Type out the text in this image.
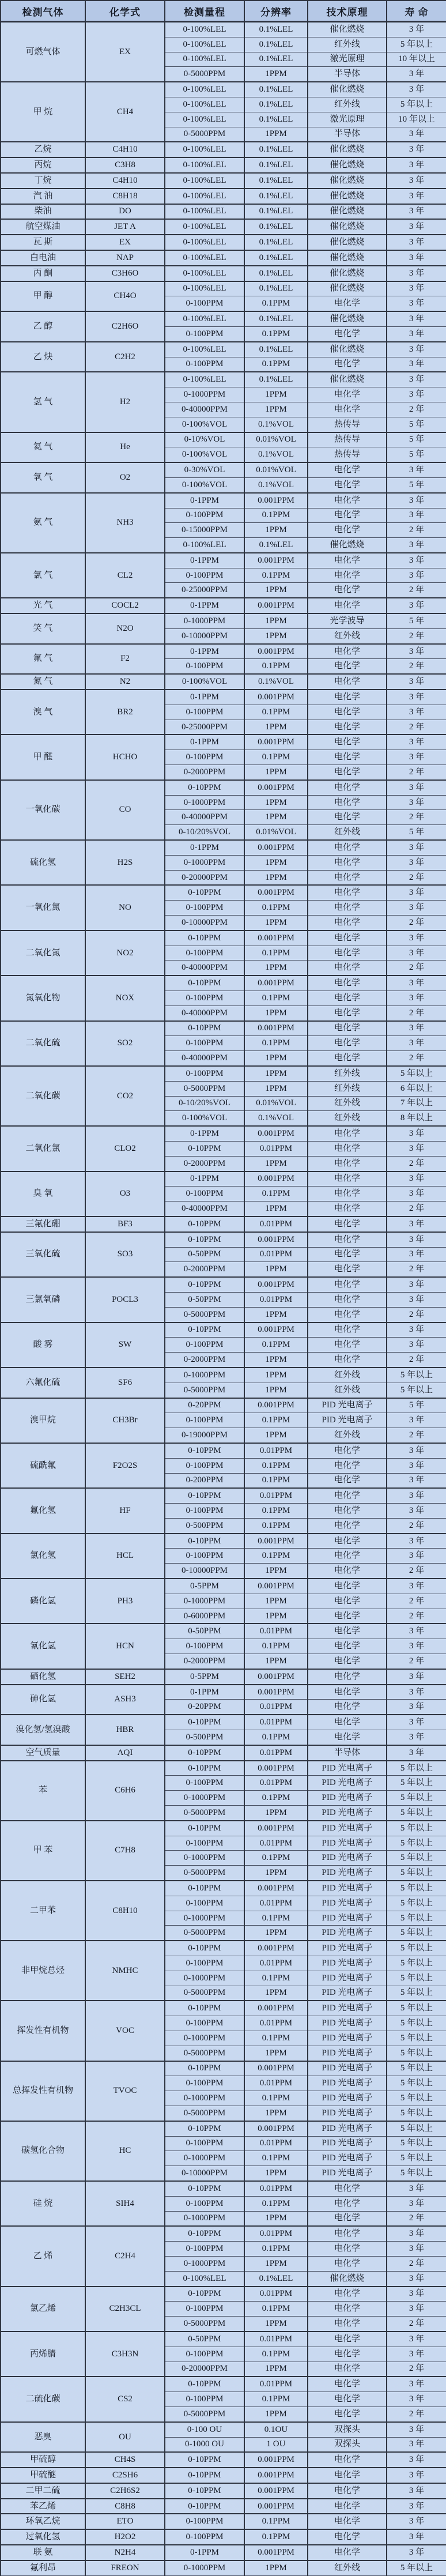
检测气体	化学式	检测量程	分辨率	技术原理	寿 命
可燃气体	EX	0-100%LEL	0.1%LEL	催化燃烧	3 年
		0-100%LEL	0.1%LEL	红外线	5 年以上
		0-100%LEL	0.1%LEL	激光原理	10 年以上
		0-5000PPM	1PPM	半导体	3 年
甲 烷	CH4	0-100%LEL	0.1%LEL	催化燃烧	3 年
		0-100%LEL	0.1%LEL	红外线	5 年以上
		0-100%LEL	0.1%LEL	激光原理	10 年以上
		0-5000PPM	1PPM	半导体	3 年
乙烷	C4H10	0-100%LEL	0.1%LEL	催化燃烧	3 年
丙烷	C3H8	0-100%LEL	0.1%LEL	催化燃烧	3 年
丁烷	C4H10	0-100%LEL	0.1%LEL	催化燃烧	3 年
汽 油	C8H18	0-100%LEL	0.1%LEL	催化燃烧	3 年
柴油	DO	0-100%LEL	0.1%LEL	催化燃烧	3 年
航空煤油	JET A	0-100%LEL	0.1%LEL	催化燃烧	3 年
瓦 斯	EX	0-100%LEL	0.1%LEL	催化燃烧	3 年
白电油	NAP	0-100%LEL	0.1%LEL	催化燃烧	3 年
丙 酮	C3H6O	0-100%LEL	0.1%LEL	催化燃烧	3 年
甲 醇	CH4O	0-100%LEL	0.1%LEL	催化燃烧	3 年
		0-100PPM	0.1PPM	电化学	3 年
乙 醇	C2H6O	0-100%LEL	0.1%LEL	催化燃烧	3 年
		0-100PPM	0.1PPM	电化学	3 年
乙 炔	C2H2	0-100%LEL	0.1%LEL	催化燃烧	3 年
		0-100PPM	0.1PPM	电化学	3 年
氢 气	H2	0-100%LEL	0.1%LEL	催化燃烧	3 年
		0-1000PPM	1PPM	电化学	3 年
		0-40000PPM	1PPM	电化学	2 年
		0-100%VOL	0.1%VOL	热传导	5 年
氦 气	He	0-10%VOL	0.01%VOL	热传导	5 年
		0-100%VOL	0.1%VOL	热传导	5 年
氧 气	O2	0-30%VOL	0.01%VOL	电化学	3 年
		0-100%VOL	0.1%VOL	电化学	5 年
氨 气	NH3	0-1PPM	0.001PPM	电化学	3 年
		0-100PPM	0.1PPM	电化学	3 年
		0-15000PPM	1PPM	电化学	2 年
		0-100%LEL	0.1%LEL	催化燃烧	3 年
氯 气	CL2	0-1PPM	0.001PPM	电化学	3 年
		0-100PPM	0.1PPM	电化学	3 年
		0-25000PPM	1PPM	电化学	2 年
光 气	COCL2	0-1PPM	0.001PPM	电化学	3 年
笑 气	N2O	0-1000PPM	1PPM	光学波导	5 年
		0-10000PPM	1PPM	红外线	2 年
氟 气	F2	0-1PPM	0.001PPM	电化学	3 年
		0-100PPM	0.1PPM	电化学	2 年
氮 气	N2	0-100%VOL	0.1%VOL	电化学	3 年
溴 气	BR2	0-1PPM	0.001PPM	电化学	3 年
		0-100PPM	0.1PPM	电化学	3 年
		0-25000PPM	1PPM	电化学	2 年
甲 醛	HCHO	0-1PPM	0.001PPM	电化学	3 年
		0-100PPM	0.1PPM	电化学	3 年
		0-2000PPM	1PPM	电化学	2 年
一氧化碳	CO	0-10PPM	0.001PPM	电化学	3 年
		0-1000PPM	1PPM	电化学	3 年
		0-40000PPM	1PPM	电化学	2 年
		0-10/20%VOL	0.01%VOL	红外线	5 年
硫化氢	H2S	0-1PPM	0.001PPM	电化学	3 年
		0-1000PPM	1PPM	电化学	3 年
		0-20000PPM	1PPM	电化学	2 年
一氧化氮	NO	0-10PPM	0.001PPM	电化学	3 年
		0-100PPM	0.1PPM	电化学	3 年
		0-10000PPM	1PPM	电化学	2 年
二氧化氮	NO2	0-10PPM	0.001PPM	电化学	3 年
		0-100PPM	0.1PPM	电化学	3 年
		0-40000PPM	1PPM	电化学	2 年
氮氧化物	NOX	0-10PPM	0.001PPM	电化学	3 年
		0-100PPM	0.1PPM	电化学	3 年
		0-40000PPM	1PPM	电化学	2 年
二氧化硫	SO2	0-10PPM	0.001PPM	电化学	3 年
		0-100PPM	0.1PPM	电化学	3 年
		0-40000PPM	1PPM	电化学	2 年
二氧化碳	CO2	0-100PPM	1PPM	红外线	5 年以上
		0-5000PPM	1PPM	红外线	6 年以上
		0-10/20%VOL	0.01%VOL	红外线	7 年以上
		0-100%VOL	0.1%VOL	红外线	8 年以上
二氧化氯	CLO2	0-1PPM	0.001PPM	电化学	3 年
		0-10PPM	0.01PPM	电化学	3 年
		0-2000PPM	1PPM	电化学	2 年
臭 氧	O3	0-1PPM	0.001PPM	电化学	3 年
		0-100PPM	0.1PPM	电化学	3 年
		0-40000PPM	1PPM	电化学	2 年
三氟化硼	BF3	0-10PPM	0.01PPM	电化学	3 年
三氧化硫	SO3	0-10PPM	0.001PPM	电化学	3 年
		0-50PPM	0.01PPM	电化学	3 年
		0-2000PPM	1PPM	电化学	2 年
三氯氧磷	POCL3	0-10PPM	0.001PPM	电化学	3 年
		0-50PPM	0.01PPM	电化学	3 年
		0-5000PPM	1PPM	电化学	2 年
酸 雾	SW	0-10PPM	0.001PPM	电化学	3 年
		0-100PPM	0.1PPM	电化学	3 年
		0-2000PPM	1PPM	电化学	2 年
六氟化硫	SF6	0-1000PPM	1PPM	红外线	5 年以上
		0-5000PPM	1PPM	红外线	5 年以上
溴甲烷	CH3Br	0-20PPM	0.001PPM	PID 光电离子	5 年
		0-100PPM	0.1PPM	PID 光电离子	3 年
		0-19000PPM	1PPM	红外线	2 年
硫酰氟	F2O2S	0-10PPM	0.01PPM	电化学	3 年
		0-100PPM	0.1PPM	电化学	3 年
		0-200PPM	0.1PPM	电化学	3 年
氟化氢	HF	0-10PPM	0.01PPM	电化学	3 年
		0-100PPM	0.1PPM	电化学	3 年
		0-500PPM	0.1PPM	电化学	2 年
氯化氢	HCL	0-10PPM	0.001PPM	电化学	3 年
		0-100PPM	0.1PPM	电化学	3 年
		0-10000PPM	1PPM	电化学	2 年
磷化氢	PH3	0-5PPM	0.001PPM	电化学	3 年
		0-1000PPM	1PPM	电化学	2 年
		0-6000PPM	1PPM	电化学	2 年
氰化氢	HCN	0-50PPM	0.01PPM	电化学	3 年
		0-100PPM	0.1PPM	电化学	3 年
		0-2000PPM	1PPM	电化学	2 年
硒化氢	SEH2	0-5PPM	0.001PPM	电化学	3 年
砷化氢	ASH3	0-1PPM	0.001PPM	电化学	3 年
		0-20PPM	0.01PPM	电化学	3 年
溴化氢/氢溴酸	HBR	0-10PPM	0.01PPM	电化学	3 年
		0-500PPM	0.1PPM	电化学	3 年
空气质量	AQI	0-10PPM	0.01PPM	半导体	3 年
苯	C6H6	0-10PPM	0.001PPM	PID 光电离子	5 年以上
		0-100PPM	0.01PPM	PID 光电离子	5 年以上
		0-1000PPM	0.1PPM	PID 光电离子	5 年以上
		0-5000PPM	1PPM	PID 光电离子	5 年以上
甲 苯	C7H8	0-10PPM	0.001PPM	PID 光电离子	5 年以上
		0-100PPM	0.01PPM	PID 光电离子	5 年以上
		0-1000PPM	0.1PPM	PID 光电离子	5 年以上
		0-5000PPM	1PPM	PID 光电离子	5 年以上
二甲苯	C8H10	0-10PPM	0.001PPM	PID 光电离子	5 年以上
		0-100PPM	0.01PPM	PID 光电离子	5 年以上
		0-1000PPM	0.1PPM	PID 光电离子	5 年以上
		0-5000PPM	1PPM	PID 光电离子	5 年以上
非甲烷总烃	NMHC	0-10PPM	0.001PPM	PID 光电离子	5 年以上
		0-100PPM	0.01PPM	PID 光电离子	5 年以上
		0-1000PPM	0.1PPM	PID 光电离子	5 年以上
		0-5000PPM	1PPM	PID 光电离子	5 年以上
挥发性有机物	VOC	0-10PPM	0.001PPM	PID 光电离子	5 年以上
		0-100PPM	0.01PPM	PID 光电离子	5 年以上
		0-1000PPM	0.1PPM	PID 光电离子	5 年以上
		0-5000PPM	1PPM	PID 光电离子	5 年以上
总挥发性有机物	TVOC	0-10PPM	0.001PPM	PID 光电离子	5 年以上
		0-100PPM	0.01PPM	PID 光电离子	5 年以上
		0-1000PPM	0.1PPM	PID 光电离子	5 年以上
		0-5000PPM	1PPM	PID 光电离子	5 年以上
碳氢化合物	HC	0-10PPM	0.001PPM	PID 光电离子	5 年以上
		0-100PPM	0.01PPM	PID 光电离子	5 年以上
		0-1000PPM	0.1PPM	PID 光电离子	5 年以上
		0-10000PPM	1PPM	PID 光电离子	5 年以上
硅 烷	SIH4	0-10PPM	0.01PPM	电化学	3 年
		0-100PPM	0.1PPM	电化学	3 年
		0-1000PPM	1PPM	电化学	2 年
乙 烯	C2H4	0-10PPM	0.01PPM	电化学	3 年
		0-100PPM	0.1PPM	电化学	3 年
		0-1000PPM	1PPM	电化学	2 年
		0-100%LEL	0.1%LEL	催化燃烧	3 年
氯乙烯	C2H3CL	0-10PPM	0.01PPM	电化学	3 年
		0-100PPM	0.1PPM	电化学	3 年
		0-5000PPM	1PPM	电化学	2 年
丙烯腈	C3H3N	0-50PPM	0.01PPM	电化学	3 年
		0-100PPM	0.1PPM	电化学	3 年
		0-20000PPM	1PPM	电化学	2 年
二硫化碳	CS2	0-10PPM	0.01PPM	电化学	3 年
		0-100PPM	0.1PPM	电化学	3 年
		0-5000PPM	1PPM	电化学	2 年
恶臭	OU	0-100 OU	0.1OU	双探头	3 年
		0-1000 OU	1 OU	双探头	3 年
甲硫醇	CH4S	0-10PPM	0.001PPM	电化学	3 年
甲硫醚	C2SH6	0-10PPM	0.001PPM	电化学	3 年
二甲二硫	C2H6S2	0-10PPM	0.001PPM	电化学	3 年
苯乙烯	C8H8	0-10PPM	0.001PPM	电化学	3 年
环氧乙烷	ETO	0-100PPM	0.1PPM	电化学	3 年
过氧化氢	H2O2	0-100PPM	0.1PPM	电化学	3 年
联 氨	N2H4	0-1PPM	0.001PPM	电化学	3 年
氟利昂	FREON	0-1000PPM	1PPM	红外线	5 年以上
